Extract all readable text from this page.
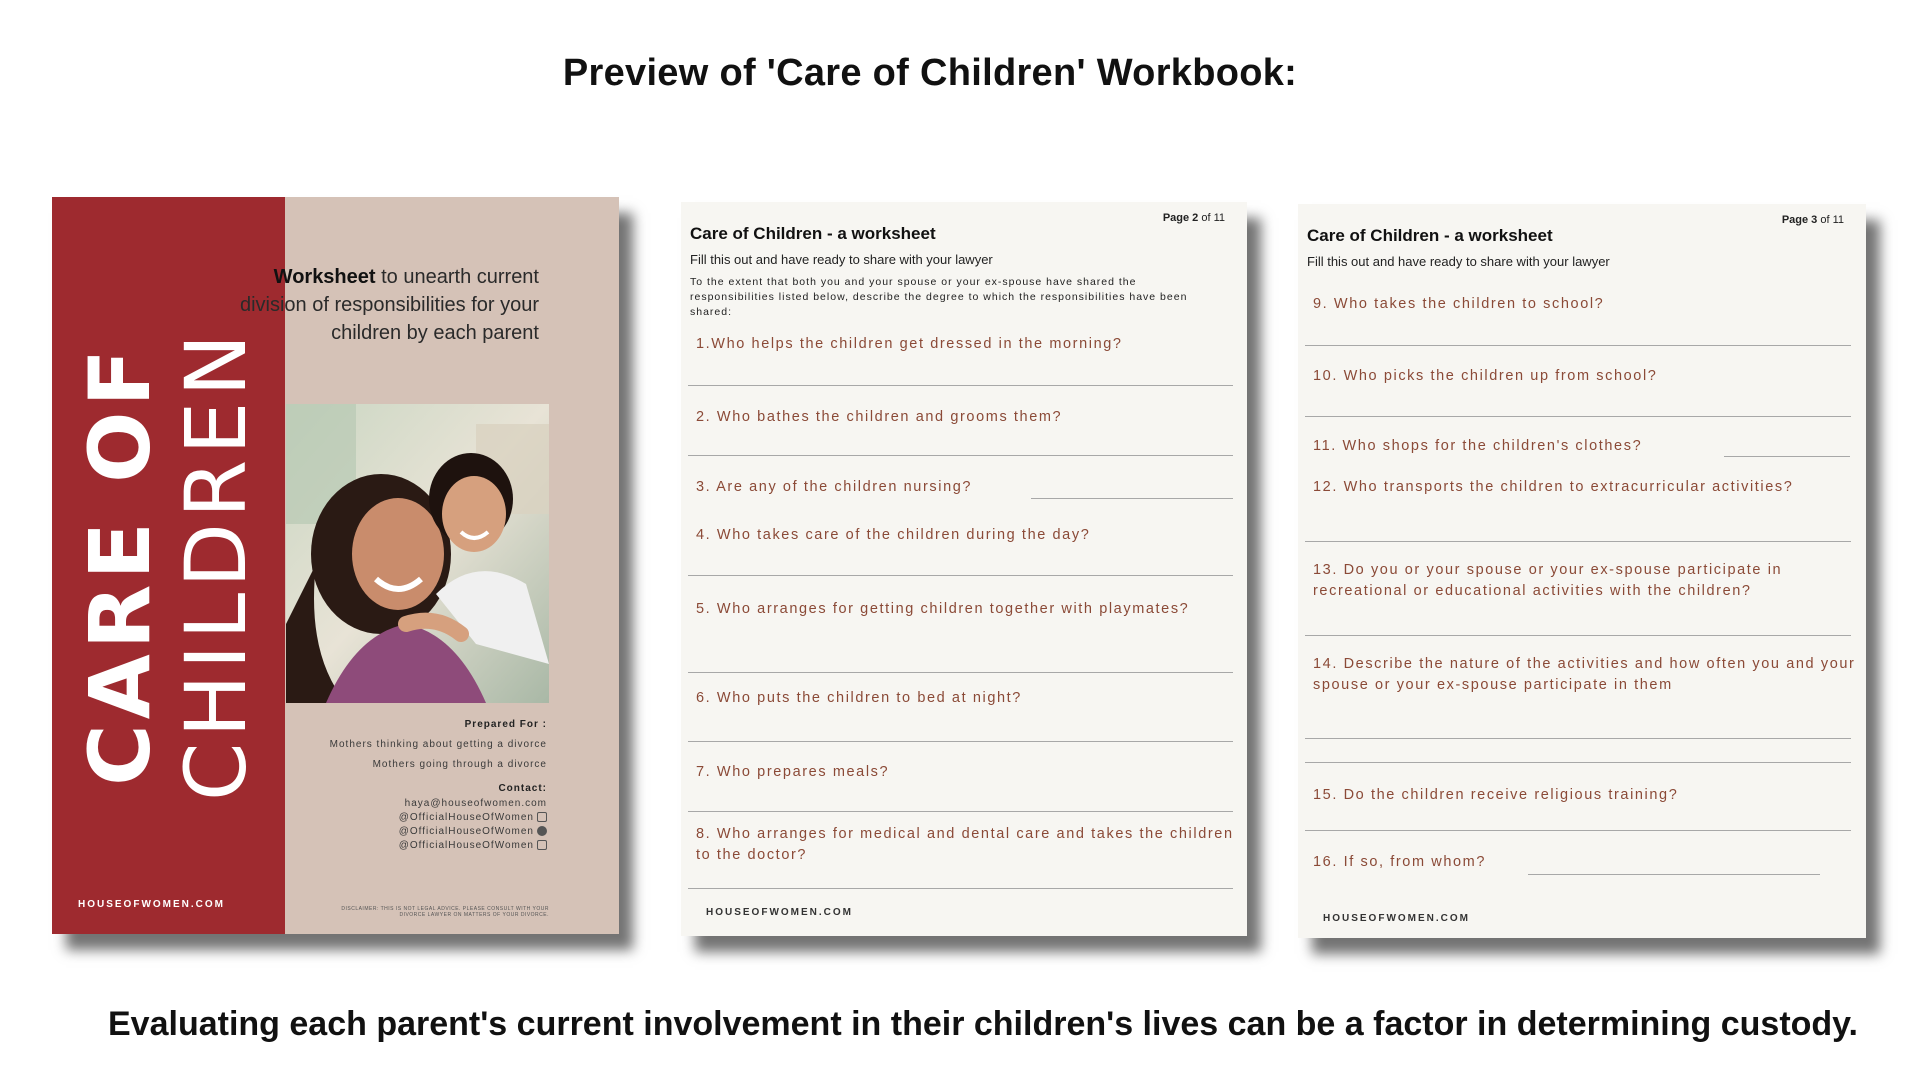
Preview of 'Care of Children' Workbook:
CARE OF
CHILDREN
HOUSEOFWOMEN.COM
Worksheet to unearth current division of responsibilities for your children by each parent
Prepared For :
Mothers thinking about getting a divorce
Mothers going through a divorce
Contact:
haya@houseofwomen.com
@OfficialHouseOfWomen
@OfficialHouseOfWomen
@OfficialHouseOfWomen
DISCLAIMER: THIS IS NOT LEGAL ADVICE. PLEASE CONSULT WITH YOUR DIVORCE LAWYER ON MATTERS OF YOUR DIVORCE.
Page 2 of 11
Care of Children - a worksheet
Fill this out and have ready to share with your lawyer
To the extent that both you and your spouse or your ex-spouse have shared the responsibilities listed below, describe the degree to which the responsibilities have been shared:
1.Who helps the children get dressed in the morning?
2. Who bathes the children and grooms them?
3. Are any of the children nursing?
4. Who takes care of the children during the day?
5. Who arranges for getting children together with playmates?
6. Who puts the children to bed at night?
7. Who prepares meals?
8. Who arranges for medical and dental care and takes the children to the doctor?
HOUSEOFWOMEN.COM
Page 3 of 11
Care of Children - a worksheet
Fill this out and have ready to share with your lawyer
9. Who takes the children to school?
10. Who picks the children up from school?
11. Who shops for the children's clothes?
12. Who transports the children to extracurricular activities?
13. Do you or your spouse or your ex-spouse participate in recreational or educational activities with the children?
14. Describe the nature of the activities and how often you and your spouse or your ex-spouse participate in them
15. Do the children receive religious training?
16. If so, from whom?
HOUSEOFWOMEN.COM
Evaluating each parent's current involvement in their children's lives can be a factor in determining custody.
